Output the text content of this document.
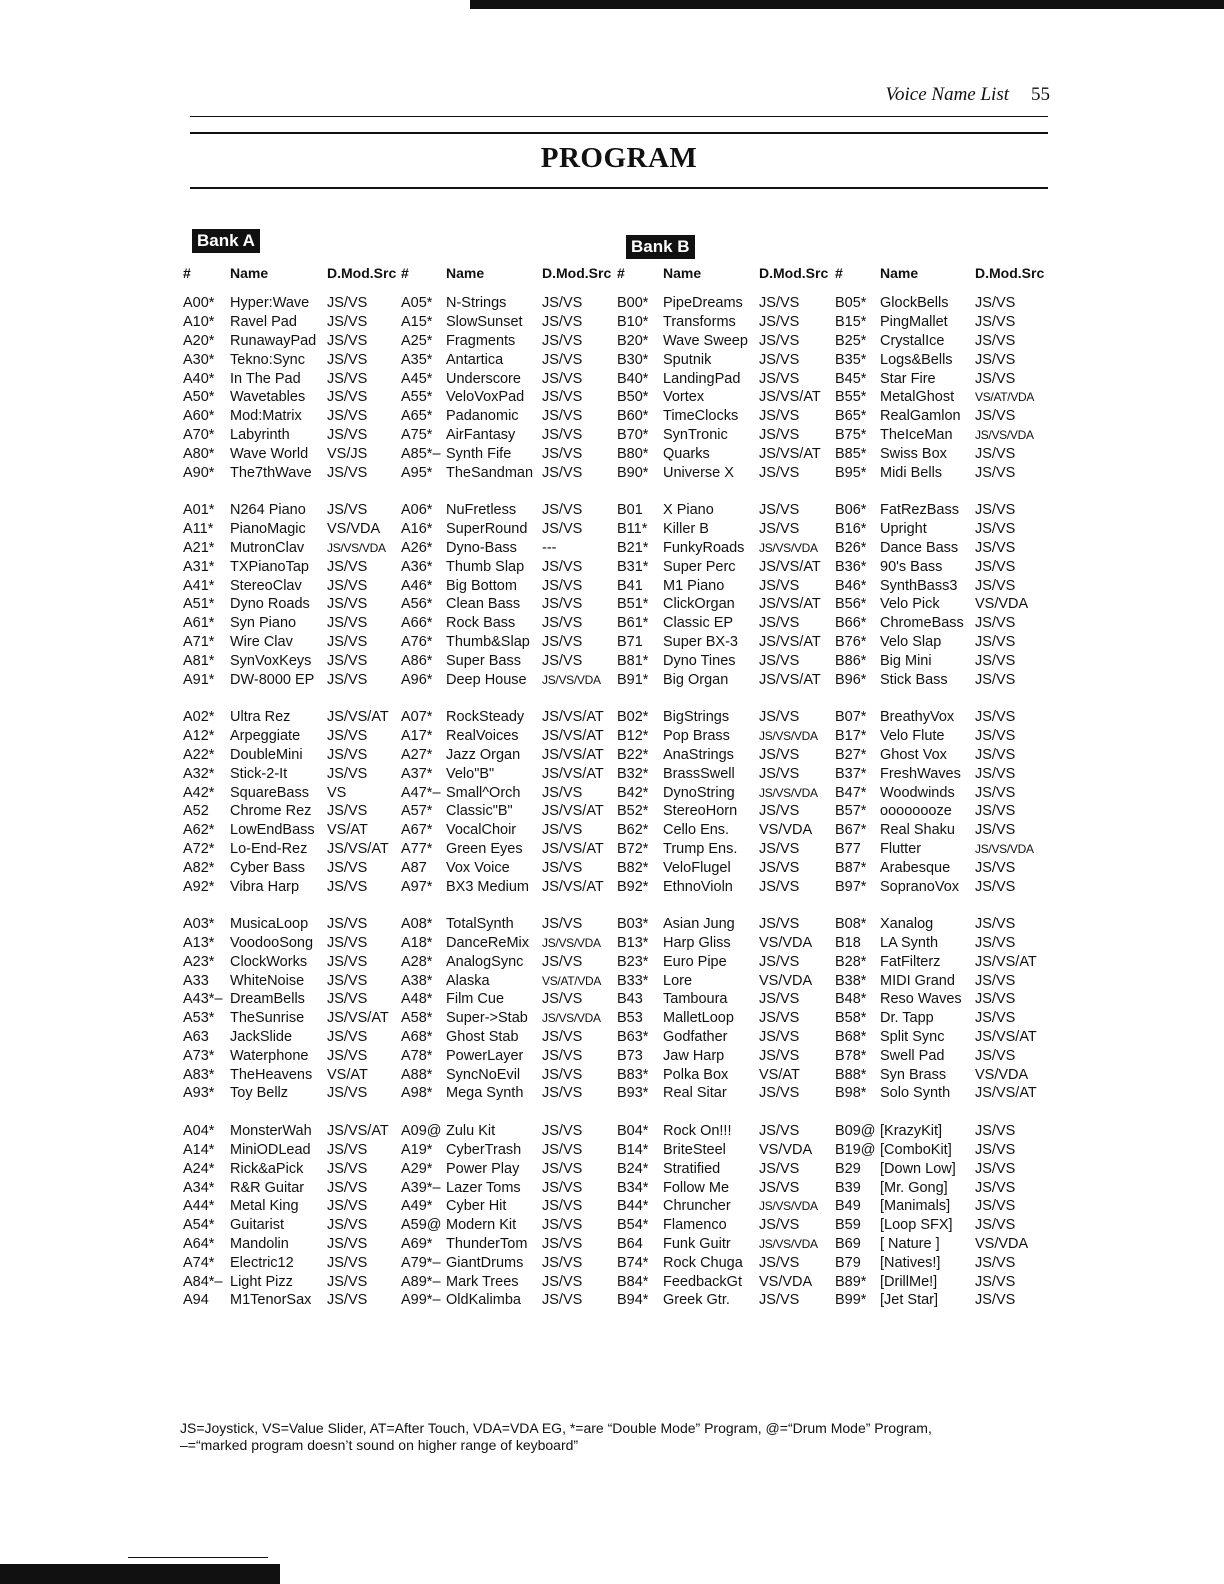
Voice Name List 55
PROGRAM
Bank A	Bank B
#	Name	D.Mod.Src	#	Name	D.Mod.Src	#	Name	D.Mod.Src	#	Name	D.Mod.Src
A00*	Hyper:Wave	JS/VS	A05*	N-Strings	JS/VS	B00*	PipeDreams	JS/VS	B05*	GlockBells	JS/VS
A10*	Ravel Pad	JS/VS	A15*	SlowSunset	JS/VS	B10*	Transforms	JS/VS	B15*	PingMallet	JS/VS
A20*	RunawayPad	JS/VS	A25*	Fragments	JS/VS	B20*	Wave Sweep	JS/VS	B25*	CrystalIce	JS/VS
A30*	Tekno:Sync	JS/VS	A35*	Antartica	JS/VS	B30*	Sputnik	JS/VS	B35*	Logs&Bells	JS/VS
A40*	In The Pad	JS/VS	A45*	Underscore	JS/VS	B40*	LandingPad	JS/VS	B45*	Star Fire	JS/VS
A50*	Wavetables	JS/VS	A55*	VeloVoxPad	JS/VS	B50*	Vortex	JS/VS/AT	B55*	MetalGhost	VS/AT/VDA
A60*	Mod:Matrix	JS/VS	A65*	Padanomic	JS/VS	B60*	TimeClocks	JS/VS	B65*	RealGamlon	JS/VS
A70*	Labyrinth	JS/VS	A75*	AirFantasy	JS/VS	B70*	SynTronic	JS/VS	B75*	TheIceMan	JS/VS/VDA
A80*	Wave World	VS/JS	A85*–	Synth Fife	JS/VS	B80*	Quarks	JS/VS/AT	B85*	Swiss Box	JS/VS
A90*	The7thWave	JS/VS	A95*	TheSandman	JS/VS	B90*	Universe X	JS/VS	B95*	Midi Bells	JS/VS

A01*	N264 Piano	JS/VS	A06*	NuFretless	JS/VS	B01	X Piano	JS/VS	B06*	FatRezBass	JS/VS
A11*	PianoMagic	VS/VDA	A16*	SuperRound	JS/VS	B11*	Killer B	JS/VS	B16*	Upright	JS/VS
A21*	MutronClav	JS/VS/VDA	A26*	Dyno-Bass	---	B21*	FunkyRoads	JS/VS/VDA	B26*	Dance Bass	JS/VS
A31*	TXPianoTap	JS/VS	A36*	Thumb Slap	JS/VS	B31*	Super Perc	JS/VS/AT	B36*	90's Bass	JS/VS
A41*	StereoClav	JS/VS	A46*	Big Bottom	JS/VS	B41	M1 Piano	JS/VS	B46*	SynthBass3	JS/VS
A51*	Dyno Roads	JS/VS	A56*	Clean Bass	JS/VS	B51*	ClickOrgan	JS/VS/AT	B56*	Velo Pick	VS/VDA
A61*	Syn Piano	JS/VS	A66*	Rock Bass	JS/VS	B61*	Classic EP	JS/VS	B66*	ChromeBass	JS/VS
A71*	Wire Clav	JS/VS	A76*	Thumb&Slap	JS/VS	B71	Super BX-3	JS/VS/AT	B76*	Velo Slap	JS/VS
A81*	SynVoxKeys	JS/VS	A86*	Super Bass	JS/VS	B81*	Dyno Tines	JS/VS	B86*	Big Mini	JS/VS
A91*	DW-8000 EP	JS/VS	A96*	Deep House	JS/VS/VDA	B91*	Big Organ	JS/VS/AT	B96*	Stick Bass	JS/VS

A02*	Ultra Rez	JS/VS/AT	A07*	RockSteady	JS/VS/AT	B02*	BigStrings	JS/VS	B07*	BreathyVox	JS/VS
A12*	Arpeggiate	JS/VS	A17*	RealVoices	JS/VS/AT	B12*	Pop Brass	JS/VS/VDA	B17*	Velo Flute	JS/VS
A22*	DoubleMini	JS/VS	A27*	Jazz Organ	JS/VS/AT	B22*	AnaStrings	JS/VS	B27*	Ghost Vox	JS/VS
A32*	Stick-2-It	JS/VS	A37*	Velo"B"	JS/VS/AT	B32*	BrassSwell	JS/VS	B37*	FreshWaves	JS/VS
A42*	SquareBass	VS	A47*–	Small^Orch	JS/VS	B42*	DynoString	JS/VS/VDA	B47*	Woodwinds	JS/VS
A52	Chrome Rez	JS/VS	A57*	Classic"B"	JS/VS/AT	B52*	StereoHorn	JS/VS	B57*	oooooooze	JS/VS
A62*	LowEndBass	VS/AT	A67*	VocalChoir	JS/VS	B62*	Cello Ens.	VS/VDA	B67*	Real Shaku	JS/VS
A72*	Lo-End-Rez	JS/VS/AT	A77*	Green Eyes	JS/VS/AT	B72*	Trump Ens.	JS/VS	B77	Flutter	JS/VS/VDA
A82*	Cyber Bass	JS/VS	A87	Vox Voice	JS/VS	B82*	VeloFlugel	JS/VS	B87*	Arabesque	JS/VS
A92*	Vibra Harp	JS/VS	A97*	BX3 Medium	JS/VS/AT	B92*	EthnoVioln	JS/VS	B97*	SopranoVox	JS/VS

A03*	MusicaLoop	JS/VS	A08*	TotalSynth	JS/VS	B03*	Asian Jung	JS/VS	B08*	Xanalog	JS/VS
A13*	VoodooSong	JS/VS	A18*	DanceReMix	JS/VS/VDA	B13*	Harp Gliss	VS/VDA	B18	LA Synth	JS/VS
A23*	ClockWorks	JS/VS	A28*	AnalogSync	JS/VS	B23*	Euro Pipe	JS/VS	B28*	FatFilterz	JS/VS/AT
A33	WhiteNoise	JS/VS	A38*	Alaska	VS/AT/VDA	B33*	Lore	VS/VDA	B38*	MIDI Grand	JS/VS
A43*–	DreamBells	JS/VS	A48*	Film Cue	JS/VS	B43	Tamboura	JS/VS	B48*	Reso Waves	JS/VS
A53*	TheSunrise	JS/VS/AT	A58*	Super->Stab	JS/VS/VDA	B53	MalletLoop	JS/VS	B58*	Dr. Tapp	JS/VS
A63	JackSlide	JS/VS	A68*	Ghost Stab	JS/VS	B63*	Godfather	JS/VS	B68*	Split Sync	JS/VS/AT
A73*	Waterphone	JS/VS	A78*	PowerLayer	JS/VS	B73	Jaw Harp	JS/VS	B78*	Swell Pad	JS/VS
A83*	TheHeavens	VS/AT	A88*	SyncNoEvil	JS/VS	B83*	Polka Box	VS/AT	B88*	Syn Brass	VS/VDA
A93*	Toy Bellz	JS/VS	A98*	Mega Synth	JS/VS	B93*	Real Sitar	JS/VS	B98*	Solo Synth	JS/VS/AT

A04*	MonsterWah	JS/VS/AT	A09@	Zulu Kit	JS/VS	B04*	Rock On!!!	JS/VS	B09@	[KrazyKit]	JS/VS
A14*	MiniODLead	JS/VS	A19*	CyberTrash	JS/VS	B14*	BriteSteel	VS/VDA	B19@	[ComboKit]	JS/VS
A24*	Rick&aPick	JS/VS	A29*	Power Play	JS/VS	B24*	Stratified	JS/VS	B29	[Down Low]	JS/VS
A34*	R&R Guitar	JS/VS	A39*–	Lazer Toms	JS/VS	B34*	Follow Me	JS/VS	B39	[Mr. Gong]	JS/VS
A44*	Metal King	JS/VS	A49*	Cyber Hit	JS/VS	B44*	Chruncher	JS/VS/VDA	B49	[Manimals]	JS/VS
A54*	Guitarist	JS/VS	A59@	Modern Kit	JS/VS	B54*	Flamenco	JS/VS	B59	[Loop SFX]	JS/VS
A64*	Mandolin	JS/VS	A69*	ThunderTom	JS/VS	B64	Funk Guitr	JS/VS/VDA	B69	[ Nature ]	VS/VDA
A74*	Electric12	JS/VS	A79*–	GiantDrums	JS/VS	B74*	Rock Chuga	JS/VS	B79	[Natives!]	JS/VS
A84*–	Light Pizz	JS/VS	A89*–	Mark Trees	JS/VS	B84*	FeedbackGt	VS/VDA	B89*	[DrillMe!]	JS/VS
A94	M1TenorSax	JS/VS	A99*–	OldKalimba	JS/VS	B94*	Greek Gtr.	JS/VS	B99*	[Jet Star]	JS/VS
JS=Joystick, VS=Value Slider, AT=After Touch, VDA=VDA EG, *=are “Double Mode” Program, @=“Drum Mode” Program,
–=“marked program doesn’t sound on higher range of keyboard”
